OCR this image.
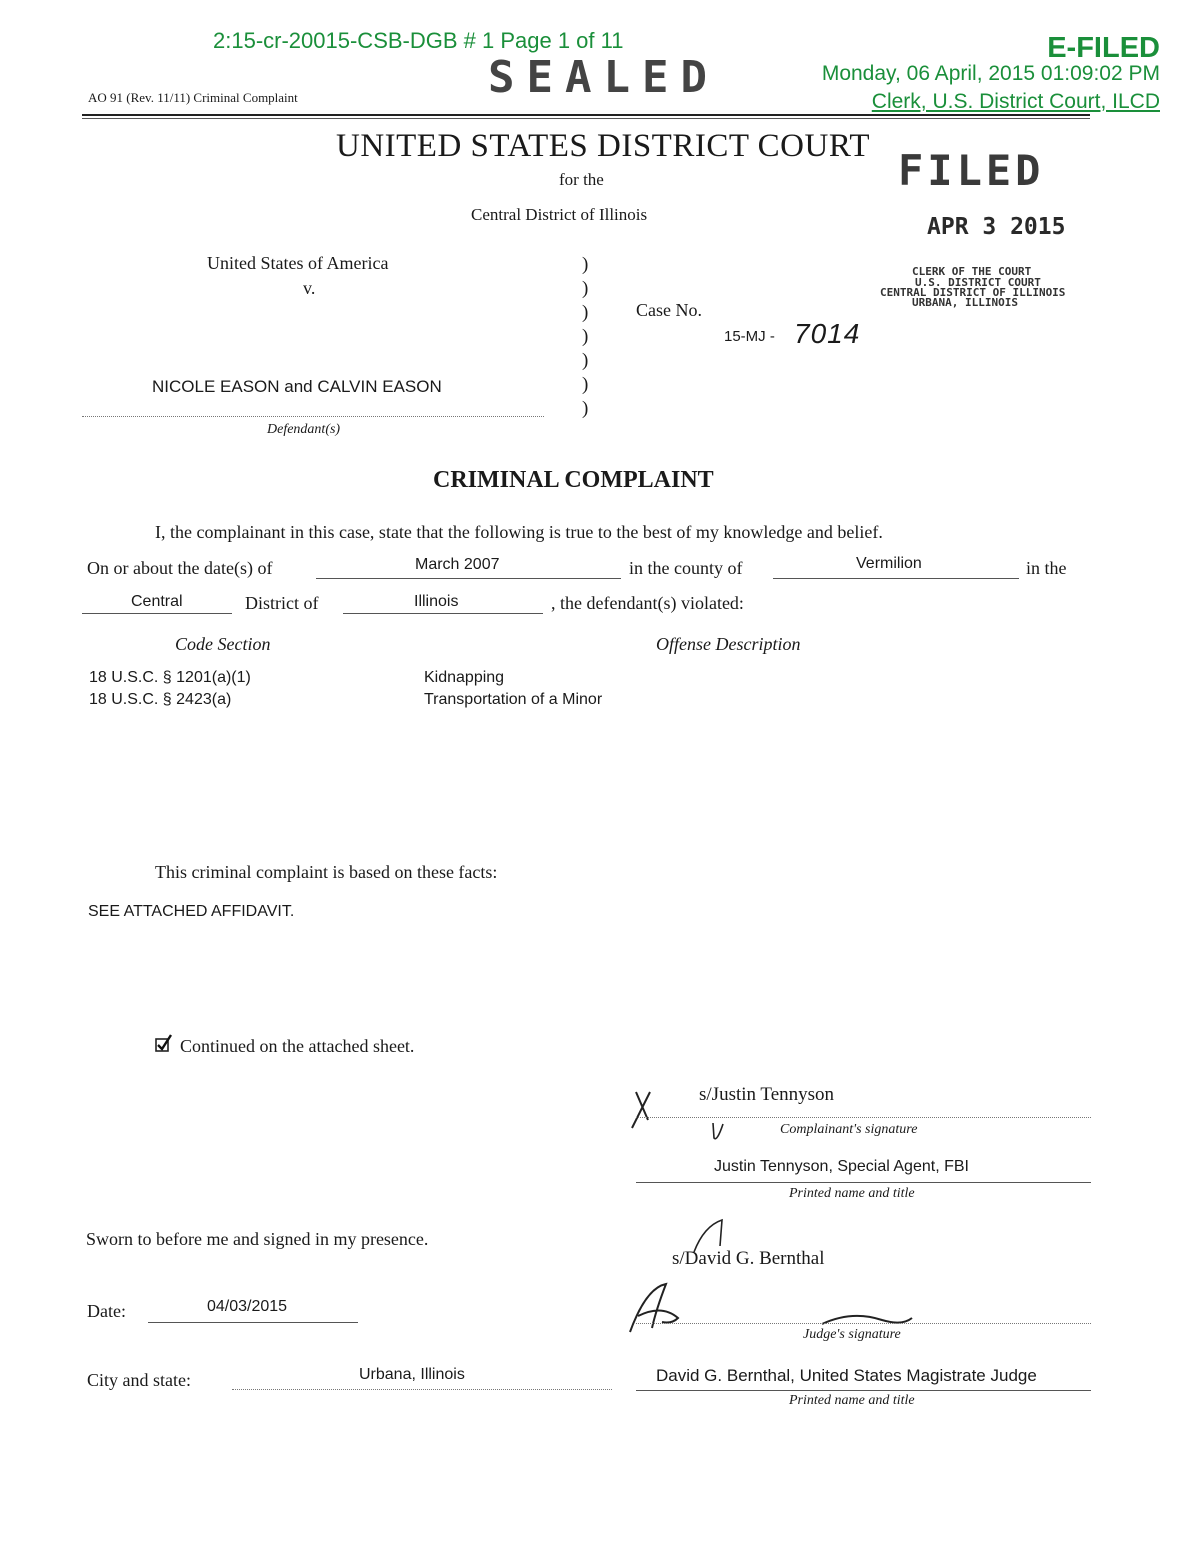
2:15-cr-20015-CSB-DGB # 1 Page 1 of 11
SEALED
E-FILED
Monday, 06 April, 2015 01:09:02 PM
Clerk, U.S. District Court, ILCD
AO 91 (Rev. 11/11) Criminal Complaint
UNITED STATES DISTRICT COURT
for the
Central District of Illinois
FILED
APR 3 2015
CLERK OF THE COURT
U.S. DISTRICT COURT
CENTRAL DISTRICT OF ILLINOIS
URBANA, ILLINOIS
United States of America
v.
NICOLE EASON and CALVIN EASON
Defendant(s)
)
)
)
)
)
)
)
Case No.
15-MJ - 7014
CRIMINAL COMPLAINT
I, the complainant in this case, state that the following is true to the best of my knowledge and belief.
On or about the date(s) of	March 2007	in the county of	Vermilion	in the
Central	District of	Illinois	, the defendant(s) violated:
Code Section	Offense Description
18 U.S.C. § 1201(a)(1)	Kidnapping
18 U.S.C. § 2423(a)	Transportation of a Minor
This criminal complaint is based on these facts:
SEE ATTACHED AFFIDAVIT.
Continued on the attached sheet.
s/Justin Tennyson
Complainant's signature
Justin Tennyson, Special Agent, FBI
Printed name and title
Sworn to before me and signed in my presence.
s/David G. Bernthal
Judge's signature
David G. Bernthal, United States Magistrate Judge
Printed name and title
Date:	04/03/2015
City and state:	Urbana, Illinois
